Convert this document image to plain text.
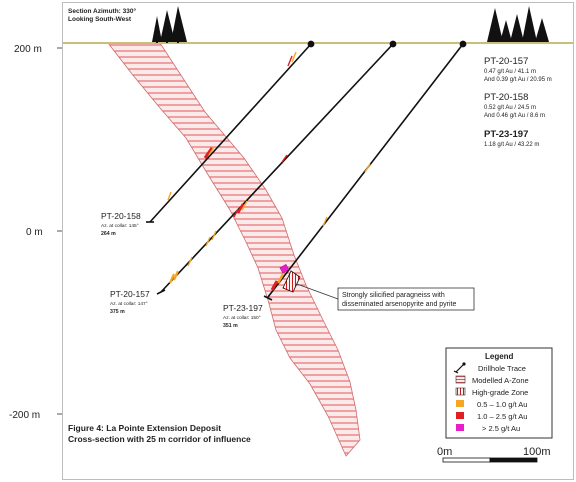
Section Azimuth: 330°
Looking South-West
200 m
0 m
-200 m
Strongly silicified paragneiss with
disseminated arsenopyrite and pyrite
PT-20-158
Az. at collar: 145°
264 m
PT-20-157
Az. at collar: 147°
375 m	PT-23-197
Az. at collar: 150°
351 m
PT-20-157
0.47 g/t Au / 41.1 m
And 0.39 g/t Au / 20.95 m
PT-20-158
0.52 g/t Au / 24.5 m
And 0.46 g/t Au / 8.6 m
PT-23-197
1.18 g/t Au / 43.22 m
Legend
Drillhole Trace
Modelled A-Zone
High-grade Zone
0.5 – 1.0 g/t Au
1.0 – 2.5 g/t Au
> 2.5 g/t Au
Figure 4: La Pointe Extension Deposit
Cross-section with 25 m corridor of influence
0m	100m
